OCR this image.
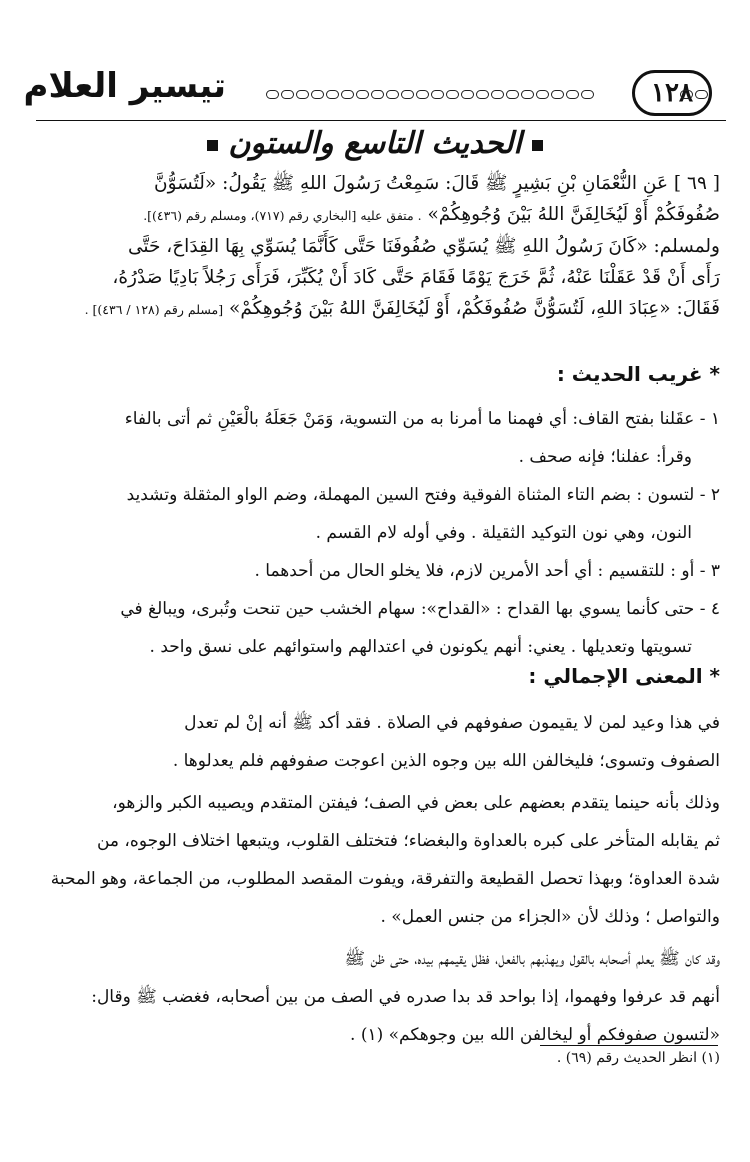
تيسير العلام	١٢٨
الحديث التاسع والستون
[ ٦٩ ] عَنِ النُّعْمَانِ بْنِ بَشِيرٍ ﷺ قَالَ: سَمِعْتُ رَسُولَ اللهِ ﷺ يَقُولُ: «لَتُسَوُّنَّ
صُفُوفَكُمْ أَوْ لَيُخَالِفَنَّ اللهُ بَيْنَ وُجُوهِكُمْ» . متفق عليه [البخاري رقم (٧١٧)، ومسلم رقم (٤٣٦)].
ولمسلم: «كَانَ رَسُولُ اللهِ ﷺ يُسَوِّي صُفُوفَنَا حَتَّى كَأَنَّمَا يُسَوِّي بِهَا القِدَاحَ، حَتَّى
رَأَى أَنْ قَدْ عَقَلْنَا عَنْهُ، ثُمَّ خَرَجَ يَوْمًا فَقَامَ حَتَّى كَادَ أَنْ يُكَبِّرَ، فَرَأَى رَجُلاً بَادِيًا صَدْرُهُ،
فَقَالَ: «عِبَادَ اللهِ، لَتُسَوُّنَّ صُفُوفَكُمْ، أَوْ لَيُخَالِفَنَّ اللهُ بَيْنَ وُجُوهِكُمْ» [مسلم رقم (١٢٨ / ٤٣٦)] .
* غريب الحديث :
١ - عقَلنا بفتح القاف: أي فهمنا ما أمرنا به من التسوية، وَمَنْ جَعَلَهُ بالْعَيْنِ ثم أتى بالفاء
وقرأ: عفلنا؛ فإنه صحف .
٢ - لتسون : بضم التاء المثناة الفوقية وفتح السين المهملة، وضم الواو المثقلة وتشديد
النون، وهي نون التوكيد الثقيلة . وفي أوله لام القسم .
٣ - أو : للتقسيم : أي أحد الأمرين لازم، فلا يخلو الحال من أحدهما .
٤ - حتى كأنما يسوي بها القداح : «القداح»: سهام الخشب حين تنحت وتُبرى، ويبالغ في
تسويتها وتعديلها . يعني: أنهم يكونون في اعتدالهم واستوائهم على نسق واحد .
* المعنى الإجمالي :
في هذا وعيد لمن لا يقيمون صفوفهم في الصلاة . فقد أكد ﷺ أنه إنْ لم تعدل
الصفوف وتسوى؛ فليخالفن الله بين وجوه الذين اعوجت صفوفهم فلم يعدلوها .
وذلك بأنه حينما يتقدم بعضهم على بعض في الصف؛ فيفتن المتقدم ويصيبه الكبر والزهو،
ثم يقابله المتأخر على كبره بالعداوة والبغضاء؛ فتختلف القلوب، ويتبعها اختلاف الوجوه، من
شدة العداوة؛ وبهذا تحصل القطيعة والتفرقة، ويفوت المقصد المطلوب، من الجماعة، وهو المحبة
والتواصل ؛ وذلك لأن «الجزاء من جنس العمل» .
وقد كان ﷺ يعلم أصحابه بالقول ويهذبهم بالفعل، فظل يقيمهم بيده، حتى ظن ﷺ
أنهم قد عرفوا وفهموا، إذا بواحد قد بدا صدره في الصف من بين أصحابه، فغضب ﷺ وقال:
«لتسون صفوفكم أو ليخالفن الله بين وجوهكم» (١) .
(١) انظر الحديث رقم (٦٩) .
